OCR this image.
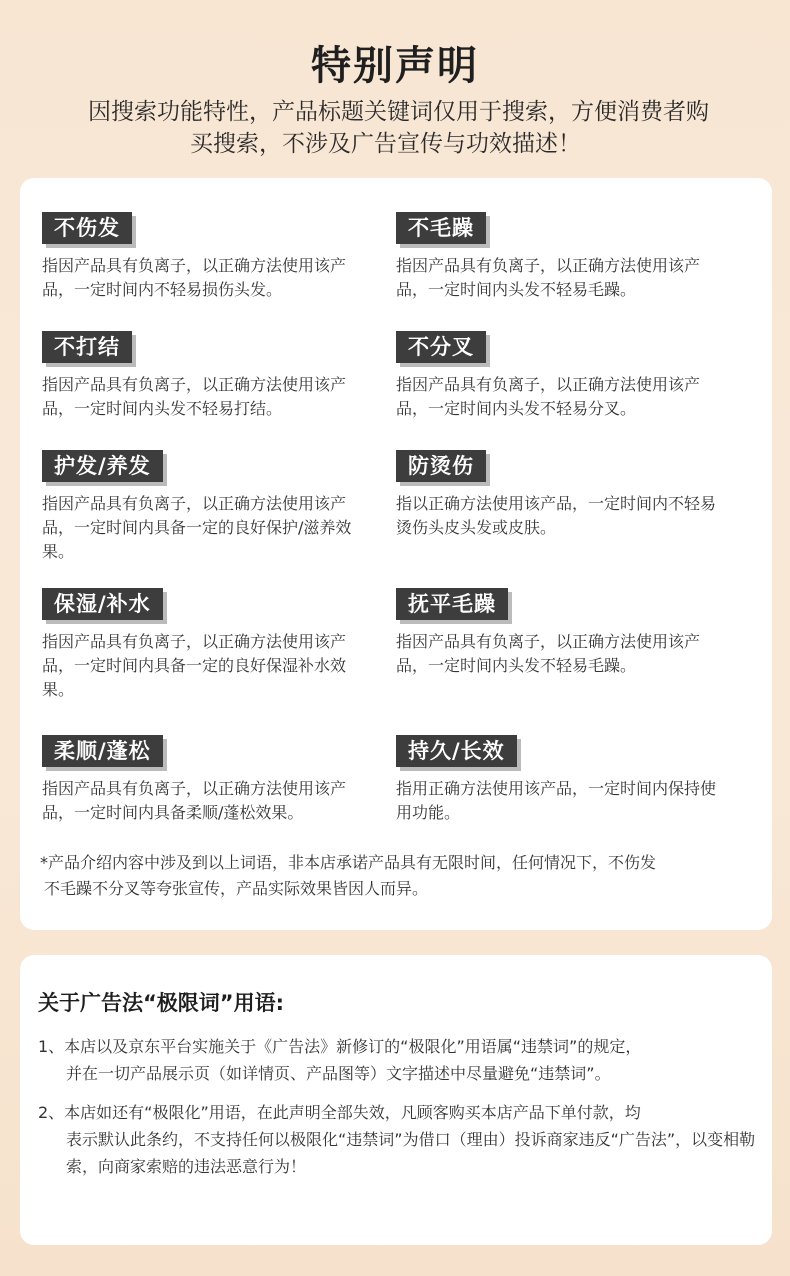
特别声明
因搜索功能特性，产品标题关键词仅用于搜索，方便消费者购
买搜索，不涉及广告宣传与功效描述！
不伤发
指因产品具有负离子，以正确方法使用该产品，一定时间内不轻易损伤头发。
不毛躁
指因产品具有负离子，以正确方法使用该产品，一定时间内头发不轻易毛躁。
不打结
指因产品具有负离子，以正确方法使用该产品，一定时间内头发不轻易打结。
不分叉
指因产品具有负离子，以正确方法使用该产品，一定时间内头发不轻易分叉。
护发/养发
指因产品具有负离子，以正确方法使用该产品，一定时间内具备一定的良好保护/滋养效果。
防烫伤
指以正确方法使用该产品，一定时间内不轻易烫伤头皮头发或皮肤。
保湿/补水
指因产品具有负离子，以正确方法使用该产品，一定时间内具备一定的良好保湿补水效果。
抚平毛躁
指因产品具有负离子，以正确方法使用该产品，一定时间内头发不轻易毛躁。
柔顺/蓬松
指因产品具有负离子，以正确方法使用该产品，一定时间内具备柔顺/蓬松效果。
持久/长效
指用正确方法使用该产品，一定时间内保持使用功能。
*产品介绍内容中涉及到以上词语，非本店承诺产品具有无限时间，任何情况下，不伤发
不毛躁不分叉等夸张宣传，产品实际效果皆因人而异。
关于广告法“极限词”用语:
1、本店以及京东平台实施关于《广告法》新修订的“极限化”用语属“违禁词”的规定，
并在一切产品展示页（如详情页、产品图等）文字描述中尽量避免“违禁词”。
2、本店如还有“极限化”用语，在此声明全部失效，凡顾客购买本店产品下单付款，均
表示默认此条约，不支持任何以极限化“违禁词”为借口（理由）投诉商家违反“广告法”，以变相勒索，向商家索赔的违法恶意行为！
